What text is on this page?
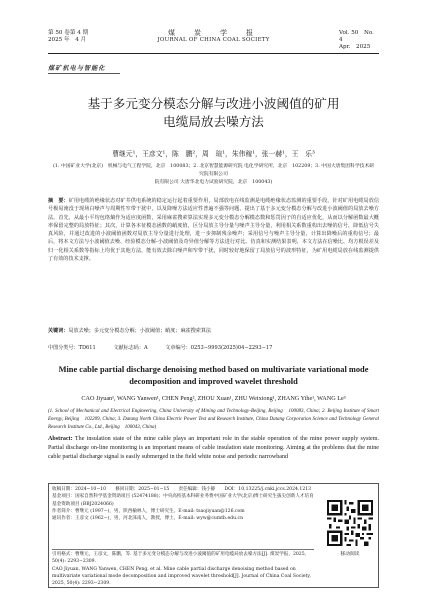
第 50 卷第 4 期
2025 年　4 月
煤　炭　学　报
JOURNAL OF CHINA COAL SOCIETY
Vol. 50　No. 4
Apr.　2025
煤矿机电与智能化
基于多元变分模态分解与改进小波阈值的矿用
电缆局放去噪方法
曹继元¹，王彦文¹，陈　鹏²，周　瑄¹，朱伟稼¹，张一赫¹，王　乐³
(1. 中国矿业大学(北京)　机械与电气工程学院，北京　100083；2. 北京智慧能源研究院 电化学研究所，北京　102209；3. 中国大唐集团科学技术研究院有限公司
院有限公司 大唐华北电力试验研究院，北京　100043)
摘　要：矿用电缆的绝缘状态对矿井供电系统的稳定运行起着重要作用，局部放电在线监测是电缆绝缘状态监测的重要手段。针对矿用电缆局放信号极易淹没于现场白噪声与周期性窄带干扰中，以及降噪方法适应性普遍不强等问题，提出了基于多元变分模态分解与改进小波阈值的局放去噪方法。首先，从最小平均包络熵作为适应度函数，采用麻雀搜索算法实现多元变分模态分解模态数和惩罚因子的自适应优化，从而以分解函数最大概率保留完整的局放特征；其次，计算各本征模态函数的峭度值，区分局放主导分量与噪声主导分量，利用相关系数重构出去噪的信号，降低信号失真风险，并通过改进的小波阈值函数对局放主导分量进行处理，进一步抑制残余噪声；采用信号与噪声主导分量，计算出降噪后的重构信号；最后，将本文方法与小波阈值去噪、经验模态分解-小波阈值及奇异值分解等方法进行对比。仿真和实测结果表明，本文方法在信噪比、均方根误差及归一化相关系数等指标上均优于其他方法，能有效去除白噪声和窄带干扰，同时较好地保留了局放信号的波形特征，为矿用电缆局放在线监测提供了有效的技术支撑。
关键词：局放去噪；多元变分模态分解；小波阈值；峭度；麻雀搜索算法
中图分类号：TD611	文献标志码：A	文章编号：0253−9993(2025)04−2293−17
Mine cable partial discharge denoising method based on multivariate variational mode decomposition and improved wavelet threshold
CAO Jiyuan¹, WANG Yanwen¹, CHEN Peng², ZHOU Xuan¹, ZHU Weixiong¹, ZHANG Yihe¹, WANG Le³
(1. School of Mechanical and Electrical Engineering, China University of Mining and Technology-Beijing, Beijing　100083, China; 2. Beijing Institute of Smart Energy, Beijing　102209, China; 3. Datang North China Electric Power Test and Research Institute, China Datang Corporation Science and Technology General Research Institute Co., Ltd., Beijing　100043, China)
Abstract: The insulation state of the mine cable plays an important role in the stable operation of the mine power supply system. Partial discharge on-line monitoring is an important means of cable insulation state monitoring. Aiming at the problems that the mine cable partial discharge signal is easily submerged in the field white noise and periodic narrowband
收稿日期：2024−10−10　　修回日期：2025−01−15　　责任编辑：钱小静　　DOI：10.13225/j.cnki.jccs.2024.1213
基金项目：国家自然科学基金资助项目 (52474188)；中央高校基本科研业务费中国矿业大学(北京)博士研究生拔尖创新人才培育基金资助项目 (BBJ2024066)
作者简介：曹继元 (1997−)，男，陕西榆林人，博士研究生。E-mail: tsaojiyuan@126.com
通讯作者：王彦文 (1962−)，男，河北涞南人，教授，博士。E-mail: wyw@cumtb.edu.cn
引用格式：曹继元，王彦文，陈鹏，等. 基于多元变分模态分解与改进小波阈值的矿用电缆局放去噪方法[J]. 煤炭学报，2025, 50(4): 2293−2309.
CAO Jiyuan, WANG Yanwen, CHEN Peng, et al. Mine cable partial discharge denoising method based on multivariate variational mode decomposition and improved wavelet threshold[J]. Journal of China Coal Society, 2025, 50(4): 2293−2309.
移动阅读
